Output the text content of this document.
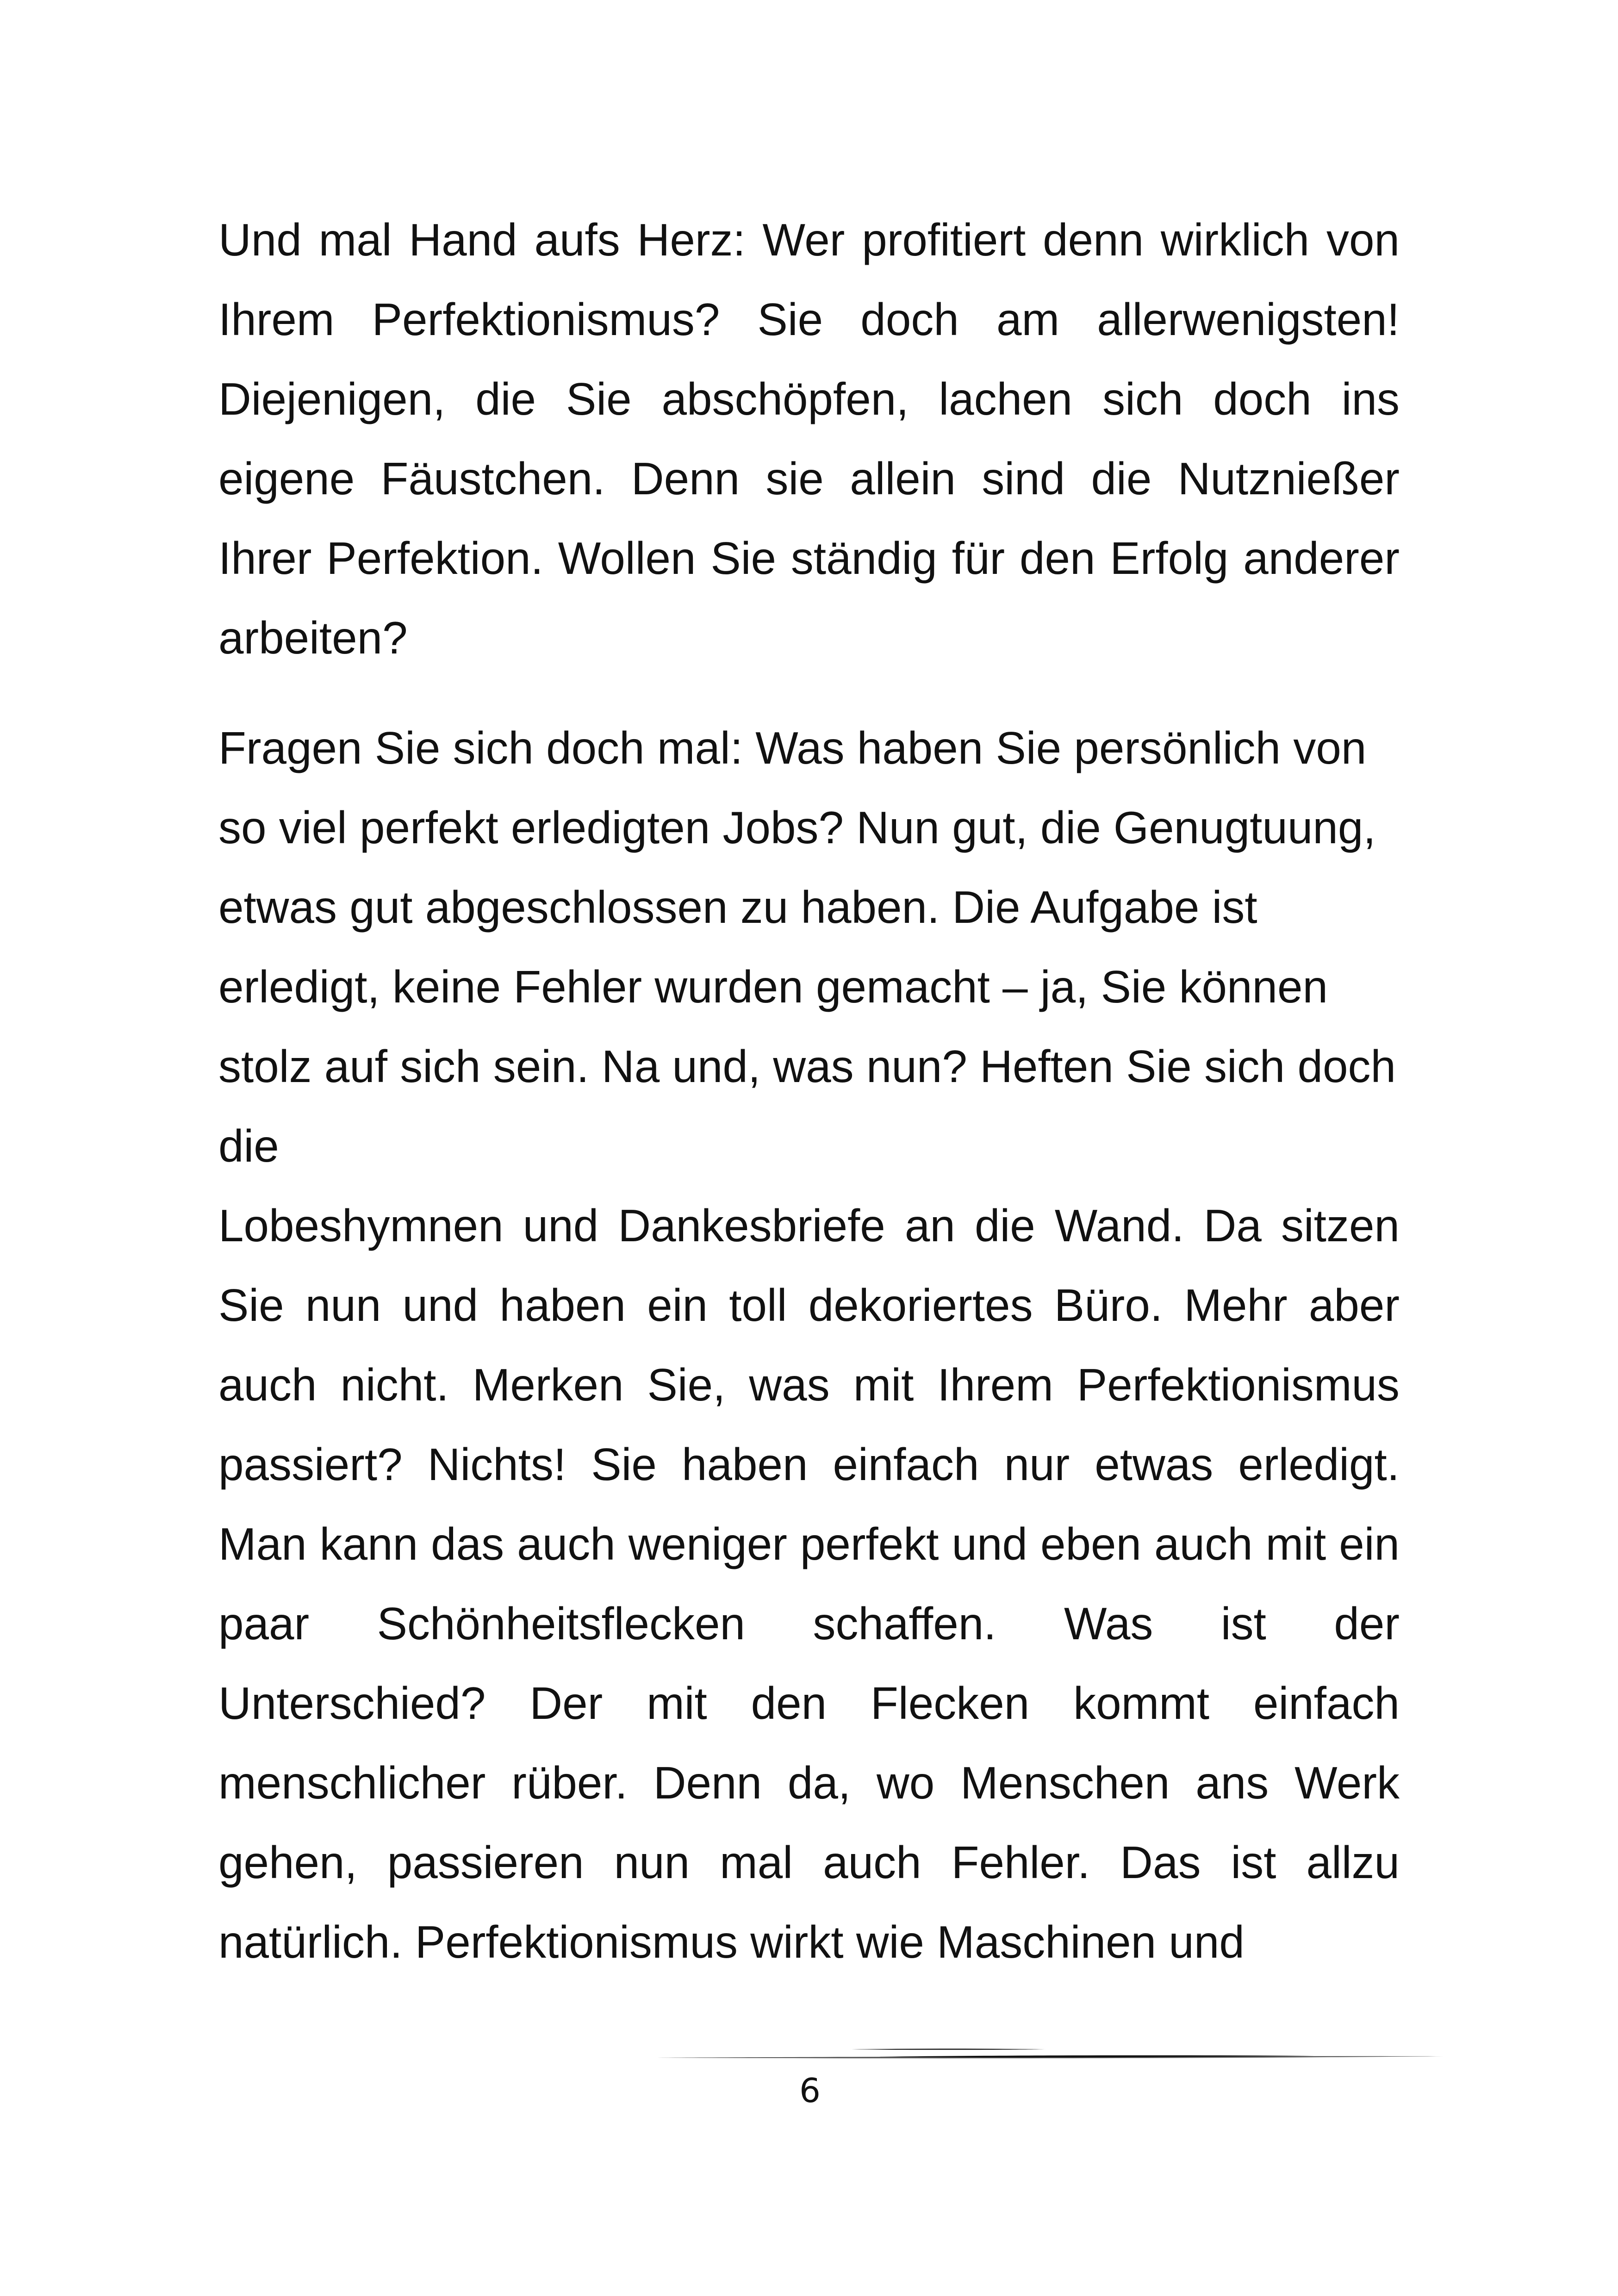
Und mal Hand aufs Herz: Wer profitiert denn wirklich von Ihrem Perfektionismus? Sie doch am allerwenigsten! Diejenigen, die Sie abschöpfen, lachen sich doch ins eigene Fäustchen. Denn sie allein sind die Nutznießer Ihrer Perfektion. Wollen Sie ständig für den Erfolg anderer arbeiten?

Fragen Sie sich doch mal: Was haben Sie persönlich von so viel perfekt erledigten Jobs? Nun gut, die Genugtuung, etwas gut abgeschlossen zu haben. Die Aufgabe ist erledigt, keine Fehler wurden gemacht – ja, Sie können stolz auf sich sein. Na und, was nun? Heften Sie sich doch

die

Lobeshymnen und Dankesbriefe an die Wand. Da sitzen Sie nun und haben ein toll dekoriertes Büro. Mehr aber auch nicht. Merken Sie, was mit Ihrem Perfektionismus passiert? Nichts! Sie haben einfach nur etwas erledigt. Man kann das auch weniger perfekt und eben auch mit ein paar Schönheitsflecken schaffen. Was ist der Unterschied? Der mit den Flecken kommt einfach menschlicher rüber. Denn da, wo Menschen ans Werk gehen, passieren nun mal auch Fehler. Das ist allzu natürlich. Perfektionismus wirkt wie Maschinen und

6
